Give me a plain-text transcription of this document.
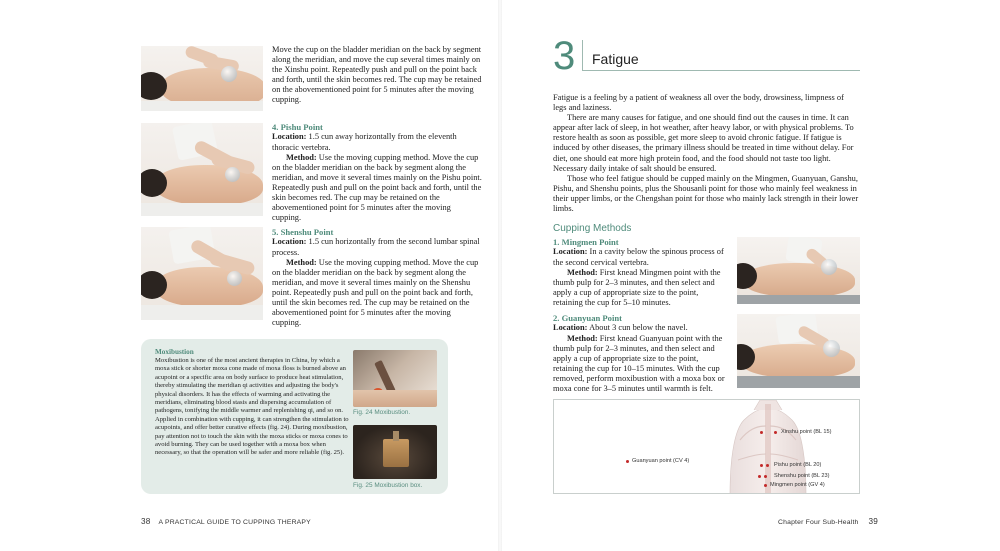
Move the cup on the bladder meridian on the back by segment along the meridian, and move the cup several times mainly on the Xinshu point. Repeatedly push and pull on the point back and forth, until the skin becomes red. The cup may be retained on the abovementioned point for 5 minutes after the moving cupping.

4. Pishu Point

Location: 1.5 cun away horizontally from the eleventh thoracic vertebra.

Method: Use the moving cupping method. Move the cup on the bladder meridian on the back by segment along the meridian, and move it several times mainly on the Pishu point. Repeatedly push and pull on the point back and forth, until the skin becomes red. The cup may be retained on the abovementioned point for 5 minutes after the moving cupping.

5. Shenshu Point

Location: 1.5 cun horizontally from the second lumbar spinal process.

Method: Use the moving cupping method. Move the cup on the bladder meridian on the back by segment along the meridian, and move it several times mainly on the Shenshu point. Repeatedly push and pull on the point back and forth, until the skin becomes red. The cup may be retained on the abovementioned point for 5 minutes after the moving cupping.

Moxibustion

Moxibustion is one of the most ancient therapies in China, by which a moxa stick or shorter moxa cone made of moxa floss is burned above an acupoint or a specific area on body surface to produce heat stimulation, thereby stimulating the meridian qi activities and adjusting the body's physical disorders. It has the effects of warming and activating the meridians, eliminating blood stasis and dispersing accumulation of pathogens, tonifying the middle warmer and replenishing qi, and so on. Applied in combination with cupping, it can strengthen the stimulation to acupoints, and offer better curative effects (fig. 24). During moxibustion, pay attention not to touch the skin with the moxa sticks or moxa cones to avoid burning. They can be used together with a moxa box when necessary, so that the operation will be safer and more reliable (fig. 25).

Fig. 24 Moxibustion.
Fig. 25 Moxibustion box.
38 A PRACTICAL GUIDE TO CUPPING THERAPY
3 Fatigue

Fatigue is a feeling by a patient of weakness all over the body, drowsiness, limpness of legs and laziness.

There are many causes for fatigue, and one should find out the causes in time. It can appear after lack of sleep, in hot weather, after heavy labor, or with physical problems. To restore health as soon as possible, get more sleep to avoid chronic fatigue. If fatigue is induced by other diseases, the primary illness should be treated in time without delay. For diet, one should eat more high protein food, and the food should not taste too light. Necessary daily intake of salt should be ensured.

Those who feel fatigue should be cupped mainly on the Mingmen, Guanyuan, Ganshu, Pishu, and Shenshu points, plus the Shousanli point for those who mainly feel weakness in their upper limbs, or the Chengshan point for those who mainly lack strength in their lower limbs.

Cupping Methods
1. Mingmen Point

Location: In a cavity below the spinous process of the second cervical vertebra.

Method: First knead Mingmen point with the thumb pulp for 2–3 minutes, and then select and apply a cup of appropriate size to the point, retaining the cup for 5–10 minutes.

2. Guanyuan Point

Location: About 3 cun below the navel.

Method: First knead Guanyuan point with the thumb pulp for 2–3 minutes, and then select and apply a cup of appropriate size to the point, retaining the cup for 10–15 minutes. With the cup removed, perform moxibustion with a moxa box or moxa cone for 3–5 minutes until warmth is felt.

Xinshu point (BL 15)
Guanyuan point (CV 4)
Pishu point (BL 20)
Shenshu point (BL 23)
Mingmen point (GV 4)
Chapter Four Sub-Health 39
